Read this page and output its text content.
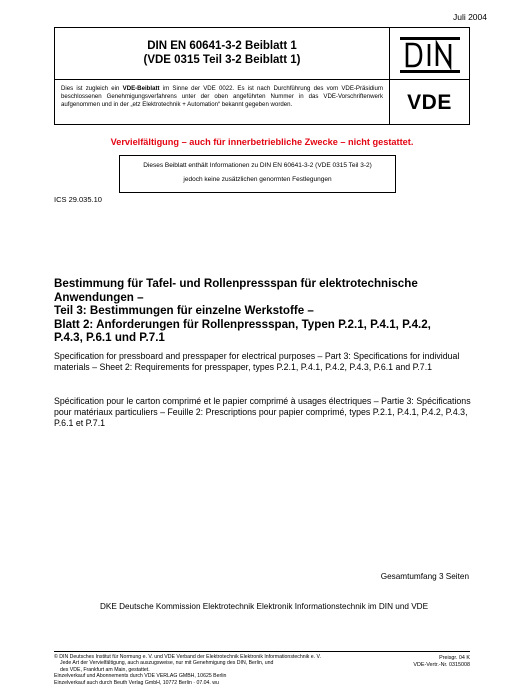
Juli 2004
DIN EN 60641-3-2 Beiblatt 1
(VDE 0315 Teil 3-2 Beiblatt 1)
Dies ist zugleich ein VDE-Beiblatt im Sinne der VDE 0022. Es ist nach Durchführung des vom VDE-Präsidium beschlossenen Genehmigungsverfahrens unter der oben angeführten Nummer in das VDE-Vorschriftenwerk aufgenommen und in der „etz Elektrotechnik + Automation“ bekannt gegeben worden.	VDE
Vervielfältigung – auch für innerbetriebliche Zwecke – nicht gestattet.
Dieses Beiblatt enthält Informationen zu DIN EN 60641-3-2 (VDE 0315 Teil 3-2)
jedoch keine zusätzlichen genormten Festlegungen
ICS 29.035.10
Bestimmung für Tafel- und Rollenpressspan für elektrotechnische
Anwendungen –
Teil 3: Bestimmungen für einzelne Werkstoffe –
Blatt 2: Anforderungen für Rollenpressspan, Typen P.2.1, P.4.1, P.4.2,
P.4.3, P.6.1 und P.7.1
Specification for pressboard and presspaper for electrical purposes – Part 3: Specifications for individual materials – Sheet 2: Requirements for presspaper, types P.2.1, P.4.1, P.4.2, P.4.3, P.6.1 and P.7.1
Spécification pour le carton comprimé et le papier comprimé à usages électriques – Partie 3: Spécifications pour matériaux particuliers – Feuille 2: Prescriptions pour papier comprimé, types P.2.1, P.4.1, P.4.2, P.4.3, P.6.1 et P.7.1
Gesamtumfang 3 Seiten
DKE Deutsche Kommission Elektrotechnik Elektronik Informationstechnik im DIN und VDE
© DIN Deutsches Institut für Normung e. V. und VDE Verband der Elektrotechnik Elektronik Informationstechnik e. V.
Jede Art der Vervielfältigung, auch auszugsweise, nur mit Genehmigung des DIN, Berlin, und
des VDE, Frankfurt am Main, gestattet.
Einzelverkauf und Abonnements durch VDE VERLAG GMBH, 10625 Berlin
Einzelverkauf auch durch Beuth Verlag GmbH, 10772 Berlin · 07.04. wu
Preisgr. 04 K
VDE-Vertr.-Nr. 0315008
